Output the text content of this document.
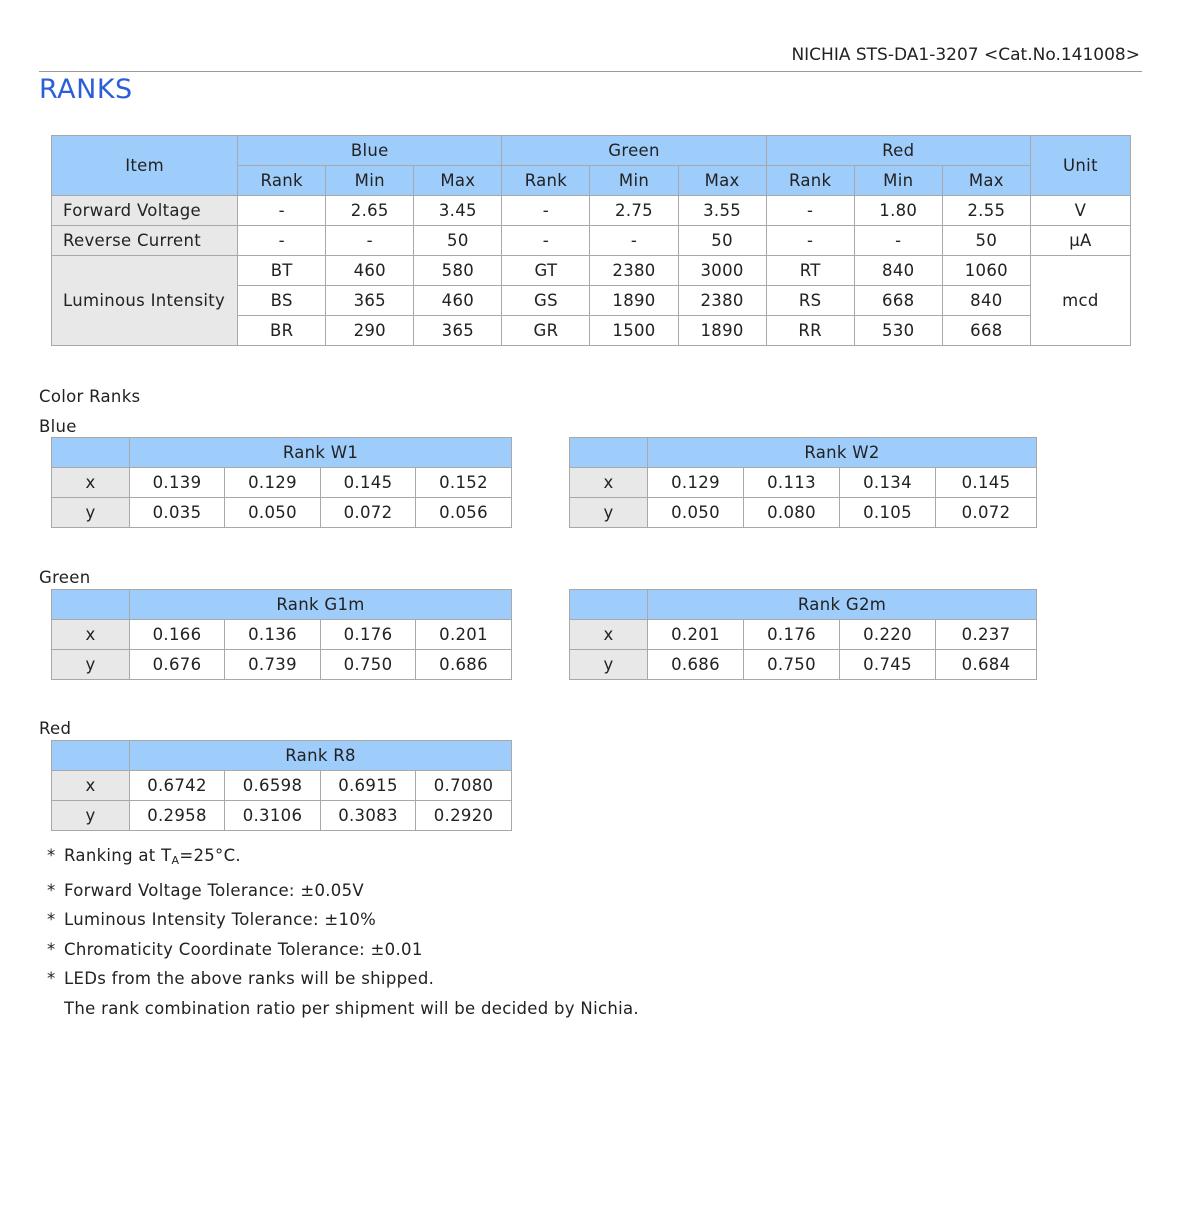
NICHIA STS-DA1-3207 <Cat.No.141008>
RANKS
Item	Blue			Green			Red			Unit
	Rank	Min	Max	Rank	Min	Max	Rank	Min	Max	
Forward Voltage	-	2.65	3.45	-	2.75	3.55	-	1.80	2.55	V
Reverse Current	-	-	50	-	-	50	-	-	50	μA
Luminous Intensity	BT	460	580	GT	2380	3000	RT	840	1060	mcd
	BS	365	460	GS	1890	2380	RS	668	840	
	BR	290	365	GR	1500	1890	RR	530	668	
Color Ranks
Blue
	Rank W1			
x	0.139	0.129	0.145	0.152
y	0.035	0.050	0.072	0.056
	Rank W2			
x	0.129	0.113	0.134	0.145
y	0.050	0.080	0.105	0.072
Green
	Rank G1m			
x	0.166	0.136	0.176	0.201
y	0.676	0.739	0.750	0.686
	Rank G2m			
x	0.201	0.176	0.220	0.237
y	0.686	0.750	0.745	0.684
Red
	Rank R8			
x	0.6742	0.6598	0.6915	0.7080
y	0.2958	0.3106	0.3083	0.2920
* Ranking at $T_A=25^\circ C$.
* Forward Voltage Tolerance: ±0.05V
* Luminous Intensity Tolerance: ±10%
* Chromaticity Coordinate Tolerance: ±0.01
* LEDs from the above ranks will be shipped.
The rank combination ratio per shipment will be decided by Nichia.
